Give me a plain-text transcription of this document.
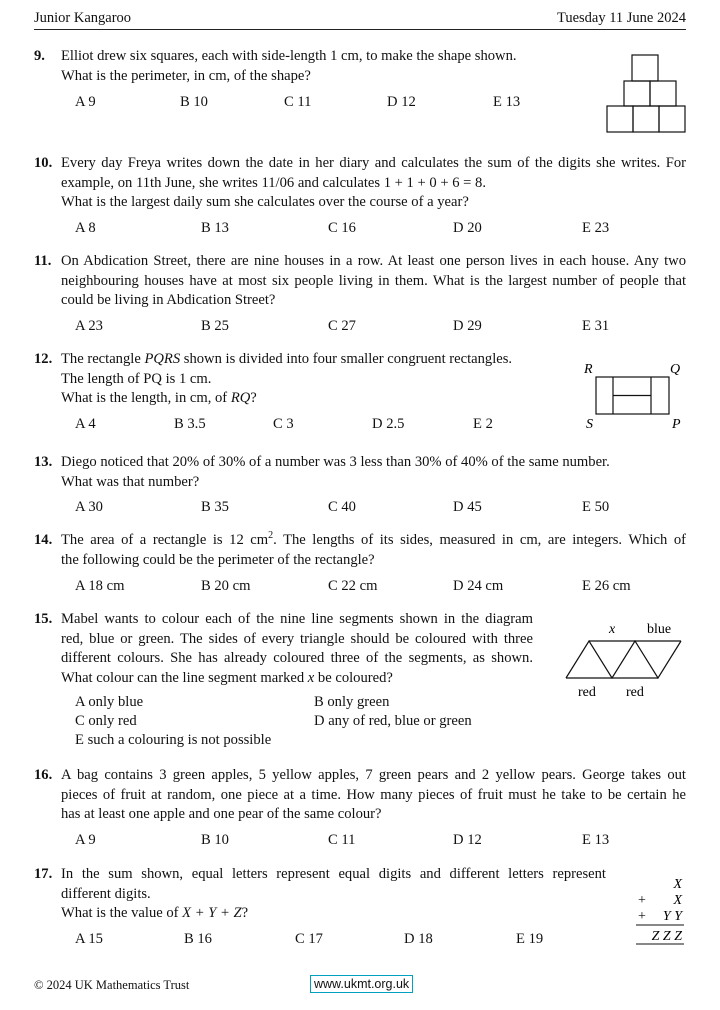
Junior Kangaroo	Tuesday 11 June 2024
9. Elliot drew six squares, each with side-length 1 cm, to make the shape shown.
What is the perimeter, in cm, of the shape?
A 9	B 10	C 11	D 12	E 13
10. Every day Freya writes down the date in her diary and calculates the sum of the digits she writes. For
example, on 11th June, she writes 11/06 and calculates 1 + 1 + 0 + 6 = 8.
What is the largest daily sum she calculates over the course of a year?
A 8	B 13	C 16	D 20	E 23
11. On Abdication Street, there are nine houses in a row. At least one person lives in each house. Any two
neighbouring houses have at most six people living in them. What is the largest number of people that
could be living in Abdication Street?
A 23	B 25	C 27	D 29	E 31
12. The rectangle PQRS shown is divided into four smaller congruent rectangles.
The length of PQ is 1 cm.
What is the length, in cm, of RQ?
A 4	B 3.5	C 3	D 2.5	E 2
R	Q
S	P
13. Diego noticed that 20% of 30% of a number was 3 less than 30% of 40% of the same number.
What was that number?
A 30	B 35	C 40	D 45	E 50
14. The area of a rectangle is 12 $cm^2$. The lengths of its sides, measured in cm, are integers. Which of
the following could be the perimeter of the rectangle?
A 18 cm	B 20 cm	C 22 cm	D 24 cm	E 26 cm
15. Mabel wants to colour each of the nine line segments shown in the diagram
red, blue or green. The sides of every triangle should be coloured with three
different colours. She has already coloured three of the segments, as shown.
What colour can the line segment marked x be coloured?
A only blue	B only green
C only red	D any of red, blue or green
E such a colouring is not possible
x blue
red red
16. A bag contains 3 green apples, 5 yellow apples, 7 green pears and 2 yellow pears. George takes out
pieces of fruit at random, one piece at a time. How many pieces of fruit must he take to be certain he
has at least one apple and one pear of the same colour?
A 9	B 10	C 11	D 12	E 13
17. In the sum shown, equal letters represent equal digits and different letters represent
different digits.
What is the value of X + Y + Z?
A 15	B 16	C 17	D 18	E 19
X
X
Y Y
Z Z Z
+
+
© 2024 UK Mathematics Trust	www.ukmt.org.uk
